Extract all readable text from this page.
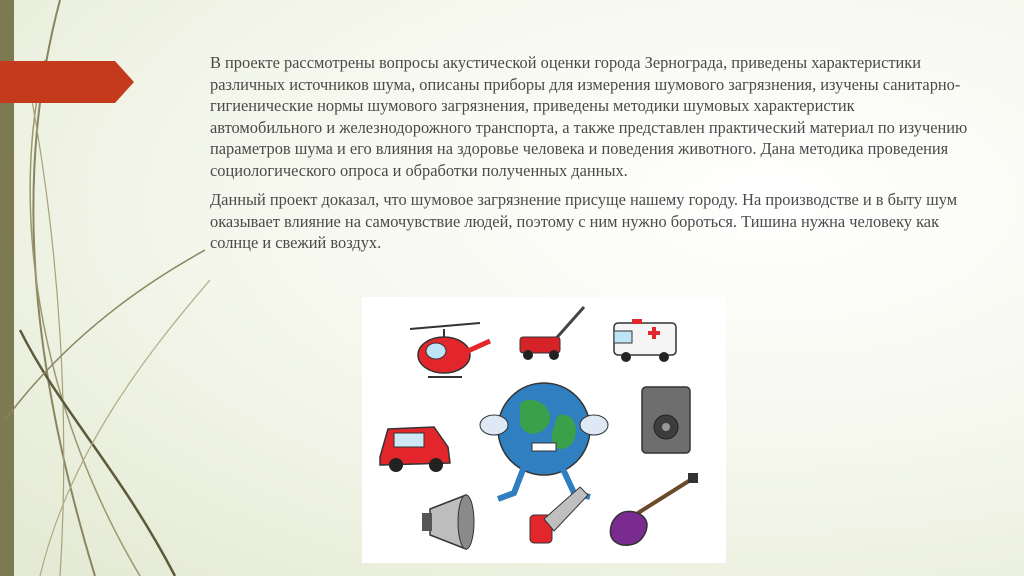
В проекте рассмотрены вопросы акустической оценки города Зернограда, приведены характеристики различных источников шума, описаны приборы для измерения шумового загрязнения, изучены санитарно-гигиенические нормы шумового загрязнения, приведены методики шумовых характеристик автомобильного и железнодорожного транспорта, а также представлен практический материал по изучению параметров шума и его влияния на здоровье человека и поведения животного. Дана методика проведения социологического опроса и обработки полученных данных.

Данный проект доказал, что шумовое загрязнение присуще нашему городу. На производстве и в быту шум оказывает влияние на самочувствие людей, поэтому с ним нужно бороться. Тишина нужна человеку как солнце и свежий воздух.
